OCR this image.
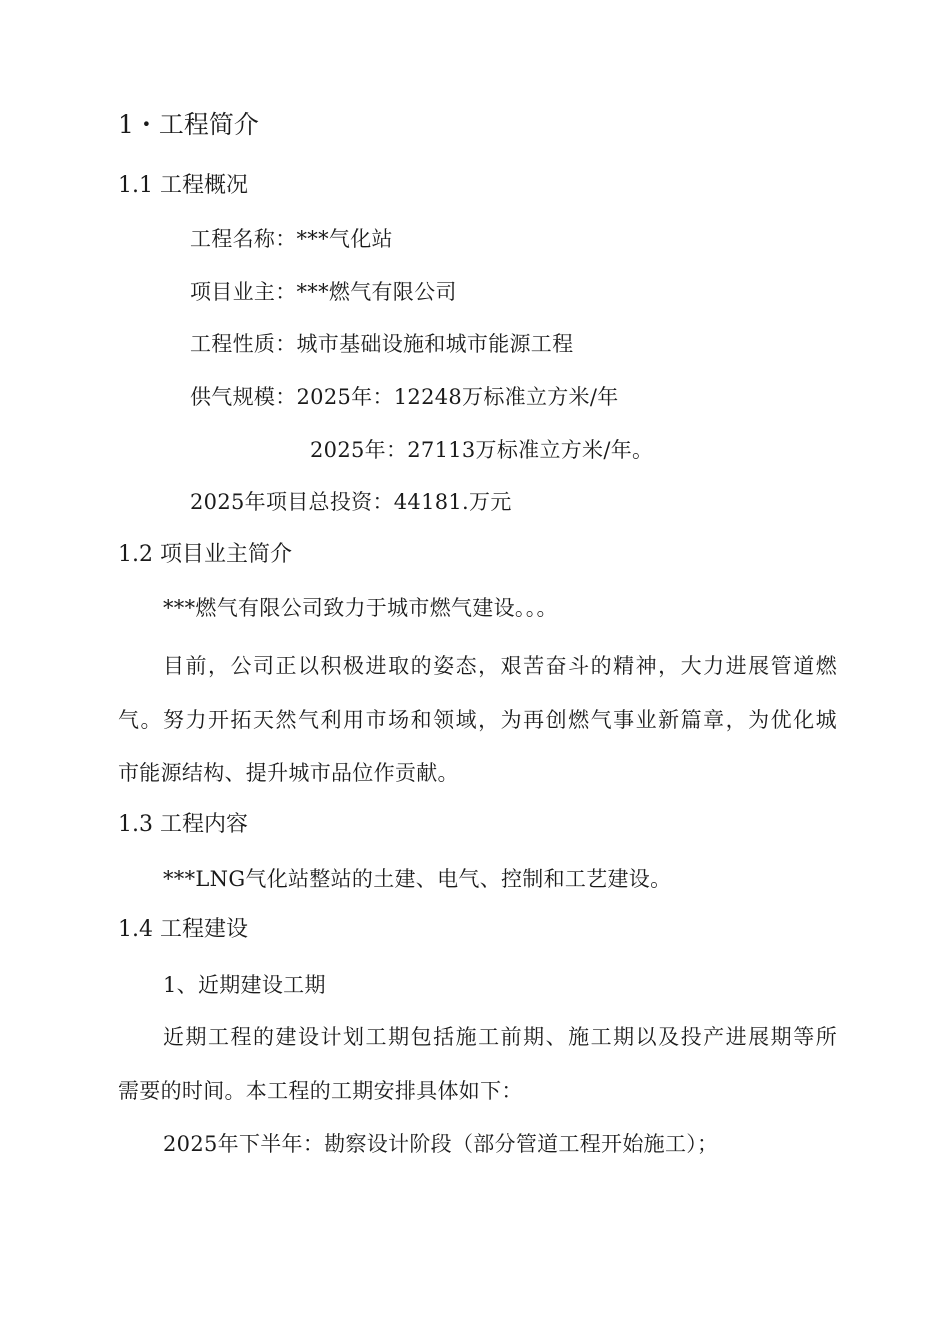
1・工程简介
1.1 工程概况
工程名称：***气化站
项目业主：***燃气有限公司
工程性质：城市基础设施和城市能源工程
供气规模：2025年：12248万标准立方米/年
2025年：27113万标准立方米/年。
2025年项目总投资：44181.万元
1.2 项目业主简介
***燃气有限公司致力于城市燃气建设。。。
目前，公司正以积极进取的姿态，艰苦奋斗的精神，大力进展管道燃
气。努力开拓天然气利用市场和领域，为再创燃气事业新篇章，为优化城
市能源结构、提升城市品位作贡献。
1.3 工程内容
***LNG气化站整站的土建、电气、控制和工艺建设。
1.4 工程建设
1、近期建设工期
近期工程的建设计划工期包括施工前期、施工期以及投产进展期等所
需要的时间。本工程的工期安排具体如下：
2025年下半年：勘察设计阶段（部分管道工程开始施工）；
